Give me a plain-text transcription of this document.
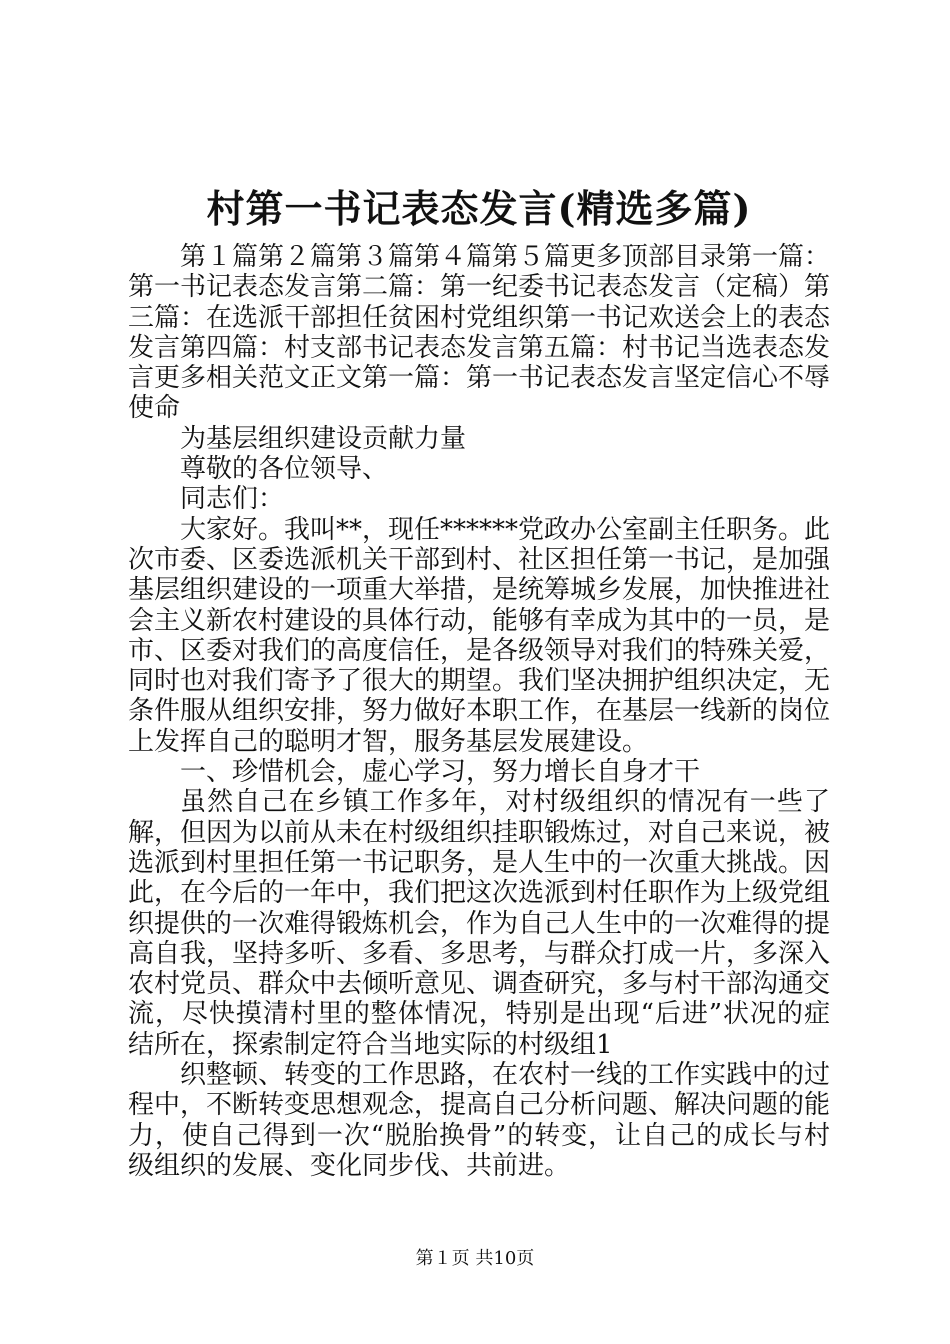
村第一书记表态发言(精选多篇)

第１篇第２篇第３篇第４篇第５篇更多顶部目录第一篇：第一书记表态发言第二篇：第一纪委书记表态发言（定稿）第三篇：在选派干部担任贫困村党组织第一书记欢送会上的表态发言第四篇：村支部书记表态发言第五篇：村书记当选表态发言更多相关范文正文第一篇：第一书记表态发言坚定信心不辱使命

为基层组织建设贡献力量

尊敬的各位领导、

同志们：

大家好。我叫**，现任******党政办公室副主任职务。此次市委、区委选派机关干部到村、社区担任第一书记，是加强基层组织建设的一项重大举措，是统筹城乡发展，加快推进社会主义新农村建设的具体行动，能够有幸成为其中的一员，是市、区委对我们的高度信任，是各级领导对我们的特殊关爱，同时也对我们寄予了很大的期望。我们坚决拥护组织决定，无条件服从组织安排，努力做好本职工作，在基层一线新的岗位上发挥自己的聪明才智，服务基层发展建设。

一、珍惜机会，虚心学习，努力增长自身才干

虽然自己在乡镇工作多年，对村级组织的情况有一些了解，但因为以前从未在村级组织挂职锻炼过，对自己来说，被选派到村里担任第一书记职务，是人生中的一次重大挑战。因此，在今后的一年中，我们把这次选派到村任职作为上级党组织提供的一次难得锻炼机会，作为自己人生中的一次难得的提高自我，坚持多听、多看、多思考，与群众打成一片，多深入农村党员、群众中去倾听意见、调查研究，多与村干部沟通交流，尽快摸清村里的整体情况，特别是出现“后进”状况的症结所在，探索制定符合当地实际的村级组1

织整顿、转变的工作思路，在农村一线的工作实践中的过程中，不断转变思想观念，提高自己分析问题、解决问题的能力，使自己得到一次“脱胎换骨”的转变，让自己的成长与村级组织的发展、变化同步伐、共前进。

第１页 共10页
